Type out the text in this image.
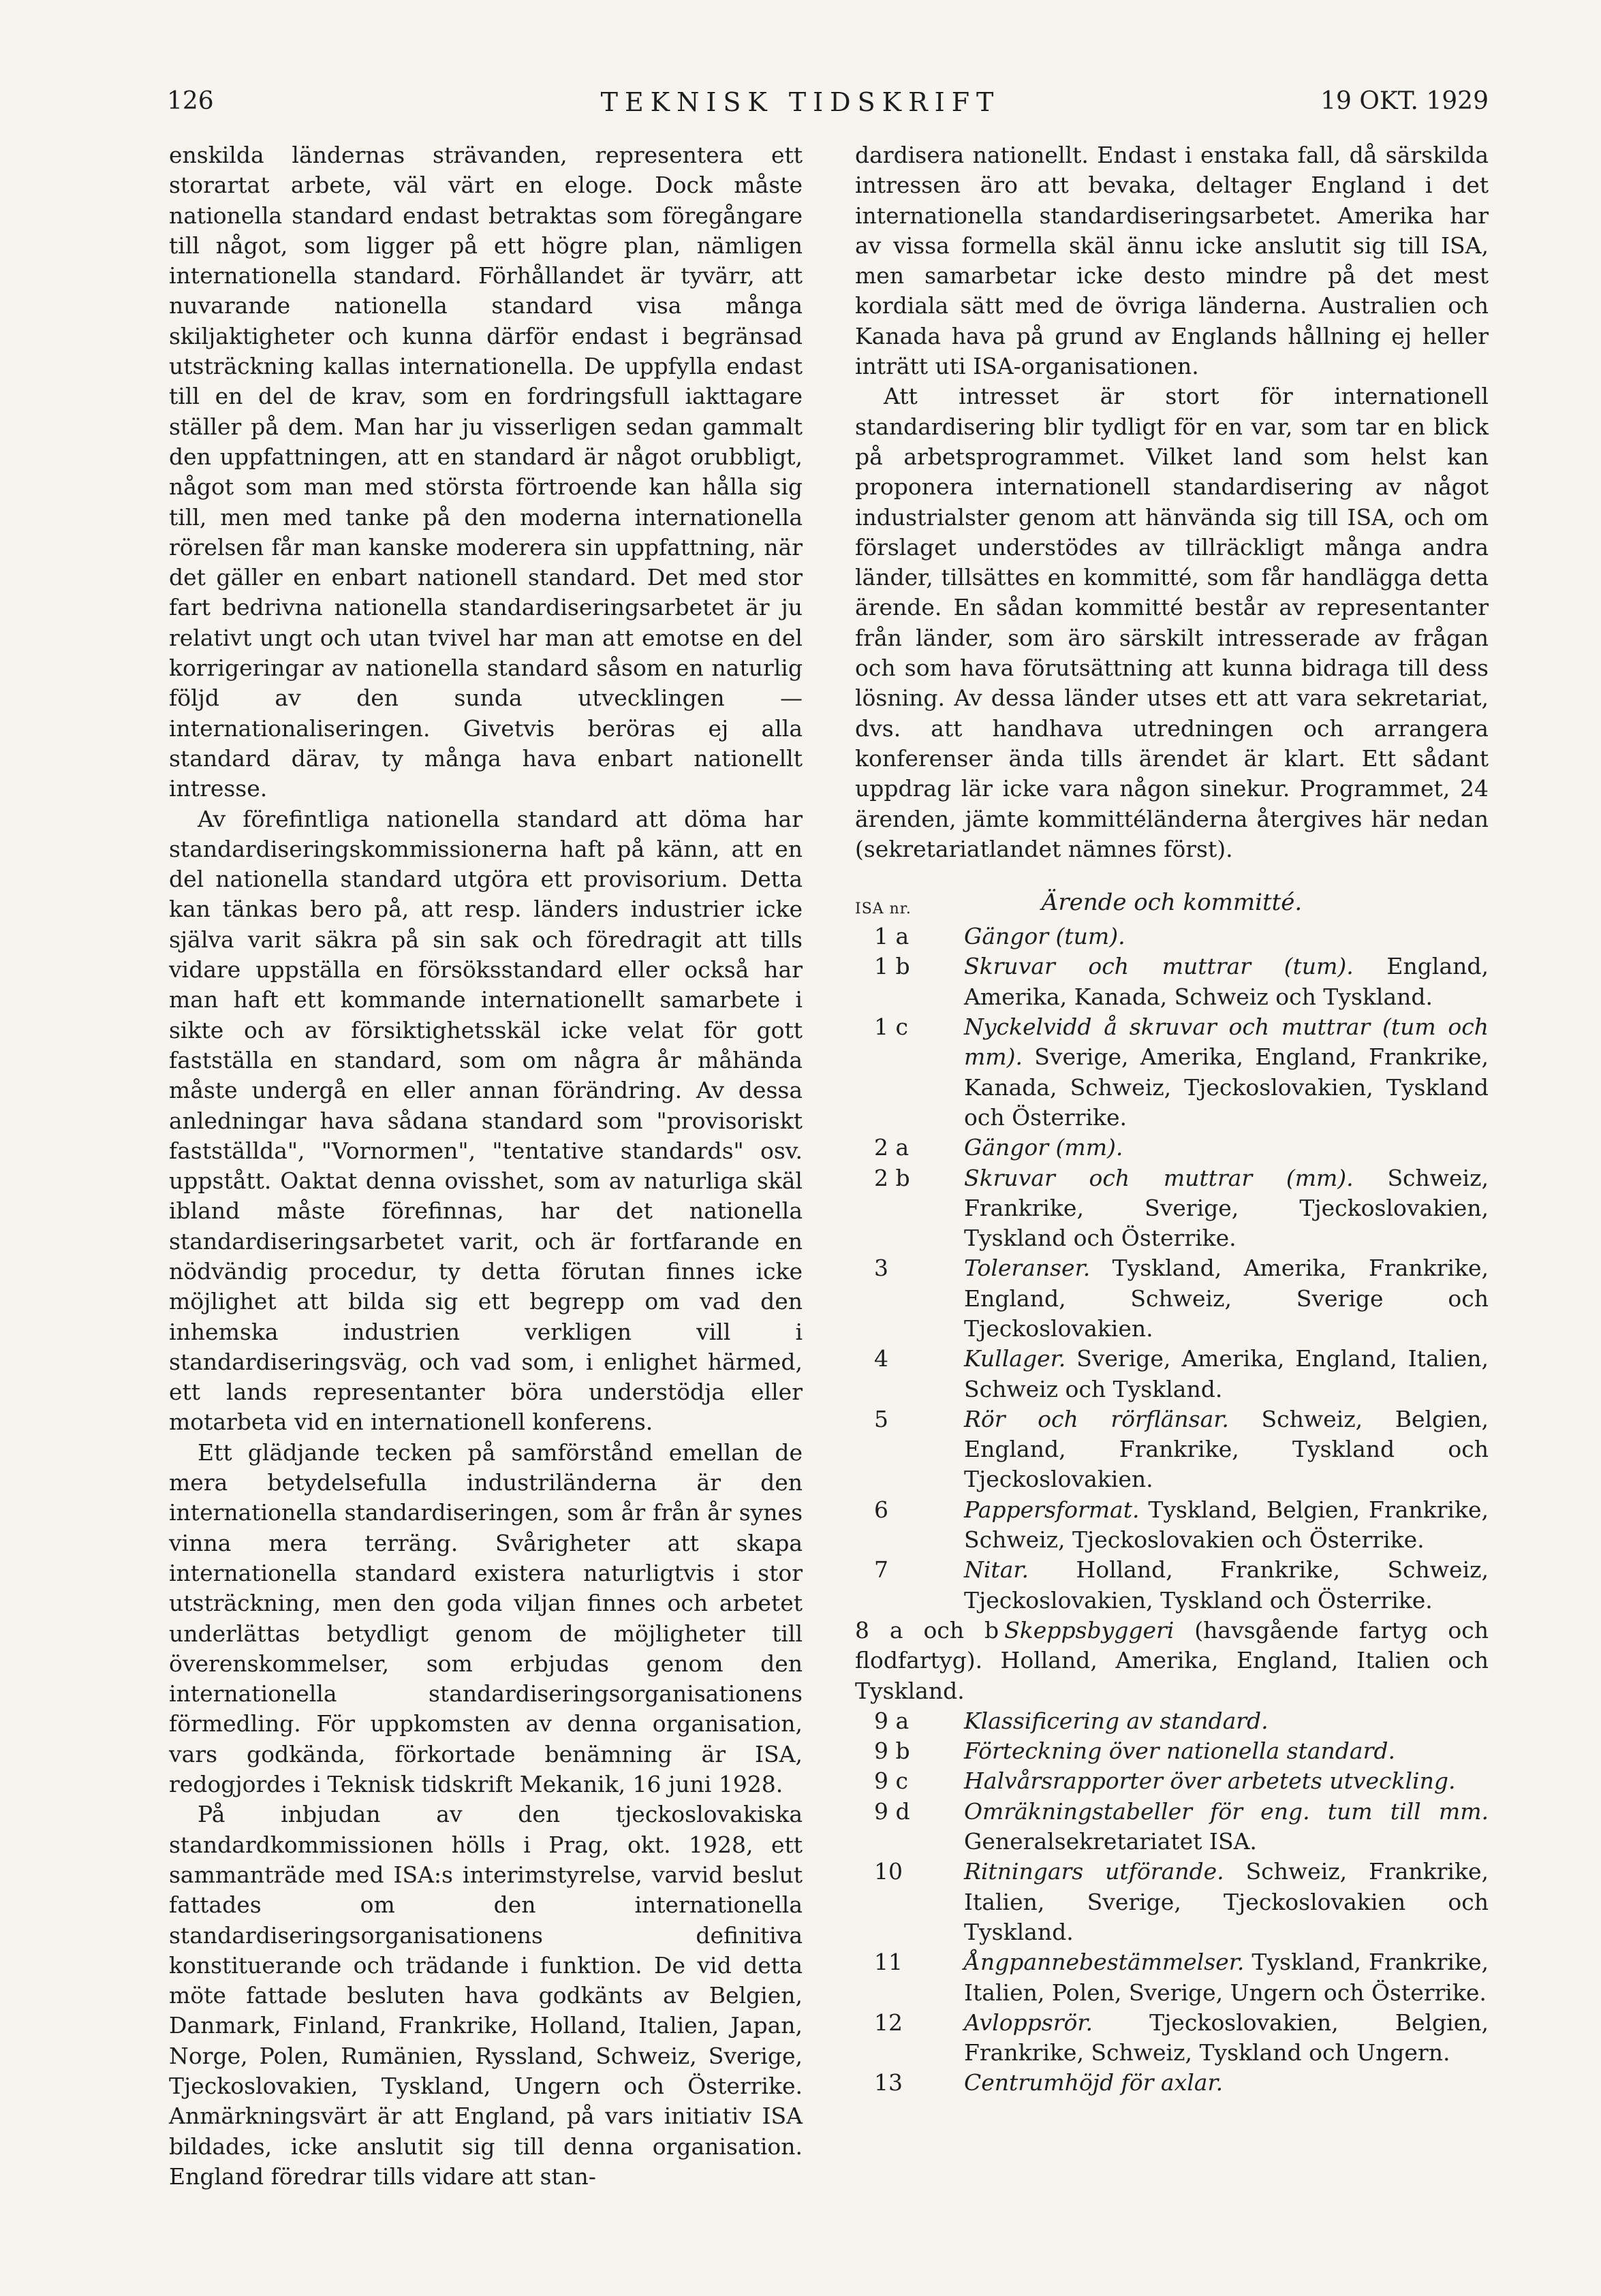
126	TEKNISK TIDSKRIFT	19 OKT. 1929

enskilda ländernas strävanden, representera ett storartat arbete, väl värt en eloge. Dock måste nationella standard endast betraktas som föregångare till något, som ligger på ett högre plan, nämligen internationella standard. Förhållandet är tyvärr, att nuvarande nationella standard visa många skiljaktigheter och kunna därför endast i begränsad utsträckning kallas internationella. De uppfylla endast till en del de krav, som en fordringsfull iakttagare ställer på dem. Man har ju visserligen sedan gammalt den uppfattningen, att en standard är något orubbligt, något som man med största förtroende kan hålla sig till, men med tanke på den moderna internationella rörelsen får man kanske moderera sin uppfattning, när det gäller en enbart nationell standard. Det med stor fart bedrivna nationella standardiseringsarbetet är ju relativt ungt och utan tvivel har man att emotse en del korrigeringar av nationella standard såsom en naturlig följd av den sunda utvecklingen — internationaliseringen. Givetvis beröras ej alla standard därav, ty många hava enbart nationellt intresse.

Av förefintliga nationella standard att döma har standardiseringskommissionerna haft på känn, att en del nationella standard utgöra ett provisorium. Detta kan tänkas bero på, att resp. länders industrier icke själva varit säkra på sin sak och föredragit att tills vidare uppställa en försöksstandard eller också har man haft ett kommande internationellt samarbete i sikte och av försiktighetsskäl icke velat för gott fastställa en standard, som om några år måhända måste undergå en eller annan förändring. Av dessa anledningar hava sådana standard som "provisoriskt fastställda", "Vornormen", "tentative standards" osv. uppstått. Oaktat denna ovisshet, som av naturliga skäl ibland måste förefinnas, har det nationella standardiseringsarbetet varit, och är fortfarande en nödvändig procedur, ty detta förutan finnes icke möjlighet att bilda sig ett begrepp om vad den inhemska industrien verkligen vill i standardiseringsväg, och vad som, i enlighet härmed, ett lands representanter böra understödja eller motarbeta vid en internationell konferens.

Ett glädjande tecken på samförstånd emellan de mera betydelsefulla industriländerna är den internationella standardiseringen, som år från år synes vinna mera terräng. Svårigheter att skapa internationella standard existera naturligtvis i stor utsträckning, men den goda viljan finnes och arbetet underlättas betydligt genom de möjligheter till överenskommelser, som erbjudas genom den internationella standardiseringsorganisationens förmedling. För uppkomsten av denna organisation, vars godkända, förkortade benämning är ISA, redogjordes i Teknisk tidskrift Mekanik, 16 juni 1928.

På inbjudan av den tjeckoslovakiska standardkommissionen hölls i Prag, okt. 1928, ett sammanträde med ISA:s interimstyrelse, varvid beslut fattades om den internationella standardiseringsorganisationens definitiva konstituerande och trädande i funktion. De vid detta möte fattade besluten hava godkänts av Belgien, Danmark, Finland, Frankrike, Holland, Italien, Japan, Norge, Polen, Rumänien, Ryssland, Schweiz, Sverige, Tjeckoslovakien, Tyskland, Ungern och Österrike. Anmärkningsvärt är att England, på vars initiativ ISA bildades, icke anslutit sig till denna organisation. England föredrar tills vidare att stan-

dardisera nationellt. Endast i enstaka fall, då särskilda intressen äro att bevaka, deltager England i det internationella standardiseringsarbetet. Amerika har av vissa formella skäl ännu icke anslutit sig till ISA, men samarbetar icke desto mindre på det mest kordiala sätt med de övriga länderna. Australien och Kanada hava på grund av Englands hållning ej heller inträtt uti ISA-organisationen.

Att intresset är stort för internationell standardisering blir tydligt för en var, som tar en blick på arbetsprogrammet. Vilket land som helst kan proponera internationell standardisering av något industrialster genom att hänvända sig till ISA, och om förslaget understödes av tillräckligt många andra länder, tillsättes en kommitté, som får handlägga detta ärende. En sådan kommitté består av representanter från länder, som äro särskilt intresserade av frågan och som hava förutsättning att kunna bidraga till dess lösning. Av dessa länder utses ett att vara sekretariat, dvs. att handhava utredningen och arrangera konferenser ända tills ärendet är klart. Ett sådant uppdrag lär icke vara någon sinekur. Programmet, 24 ärenden, jämte kommittéländerna återgives här nedan (sekretariatlandet nämnes först).

ISA nr.	Ärende och kommitté.
1 a Gängor (tum).
1 b Skruvar och muttrar (tum). England, Amerika, Kanada, Schweiz och Tyskland.
1 c Nyckelvidd å skruvar och muttrar (tum och mm). Sverige, Amerika, England, Frankrike, Kanada, Schweiz, Tjeckoslovakien, Tyskland och Österrike.
2 a Gängor (mm).
2 b Skruvar och muttrar (mm). Schweiz, Frankrike, Sverige, Tjeckoslovakien, Tyskland och Österrike.
3	Toleranser. Tyskland, Amerika, Frankrike, England, Schweiz, Sverige och Tjeckoslovakien.
4	Kullager. Sverige, Amerika, England, Italien, Schweiz och Tyskland.
5	Rör och rörflänsar. Schweiz, Belgien, England, Frankrike, Tyskland och Tjeckoslovakien.
6	Pappersformat. Tyskland, Belgien, Frankrike, Schweiz, Tjeckoslovakien och Österrike.
7	Nitar. Holland, Frankrike, Schweiz, Tjeckoslovakien, Tyskland och Österrike.
8 a och b Skeppsbyggeri (havsgående fartyg och flodfartyg). Holland, Amerika, England, Italien och Tyskland.
9 a Klassificering av standard.
9 b Förteckning över nationella standard.
9 c Halvårsrapporter över arbetets utveckling.
9 d Omräkningstabeller för eng. tum till mm. Generalsekretariatet ISA.
10	Ritningars utförande. Schweiz, Frankrike, Italien, Sverige, Tjeckoslovakien och Tyskland.
11	Ångpannebestämmelser. Tyskland, Frankrike, Italien, Polen, Sverige, Ungern och Österrike.
12	Avloppsrör.	Tjeckoslovakien, Belgien, Frankrike, Schweiz, Tyskland och Ungern.
13	Centrumhöjd för axlar.
